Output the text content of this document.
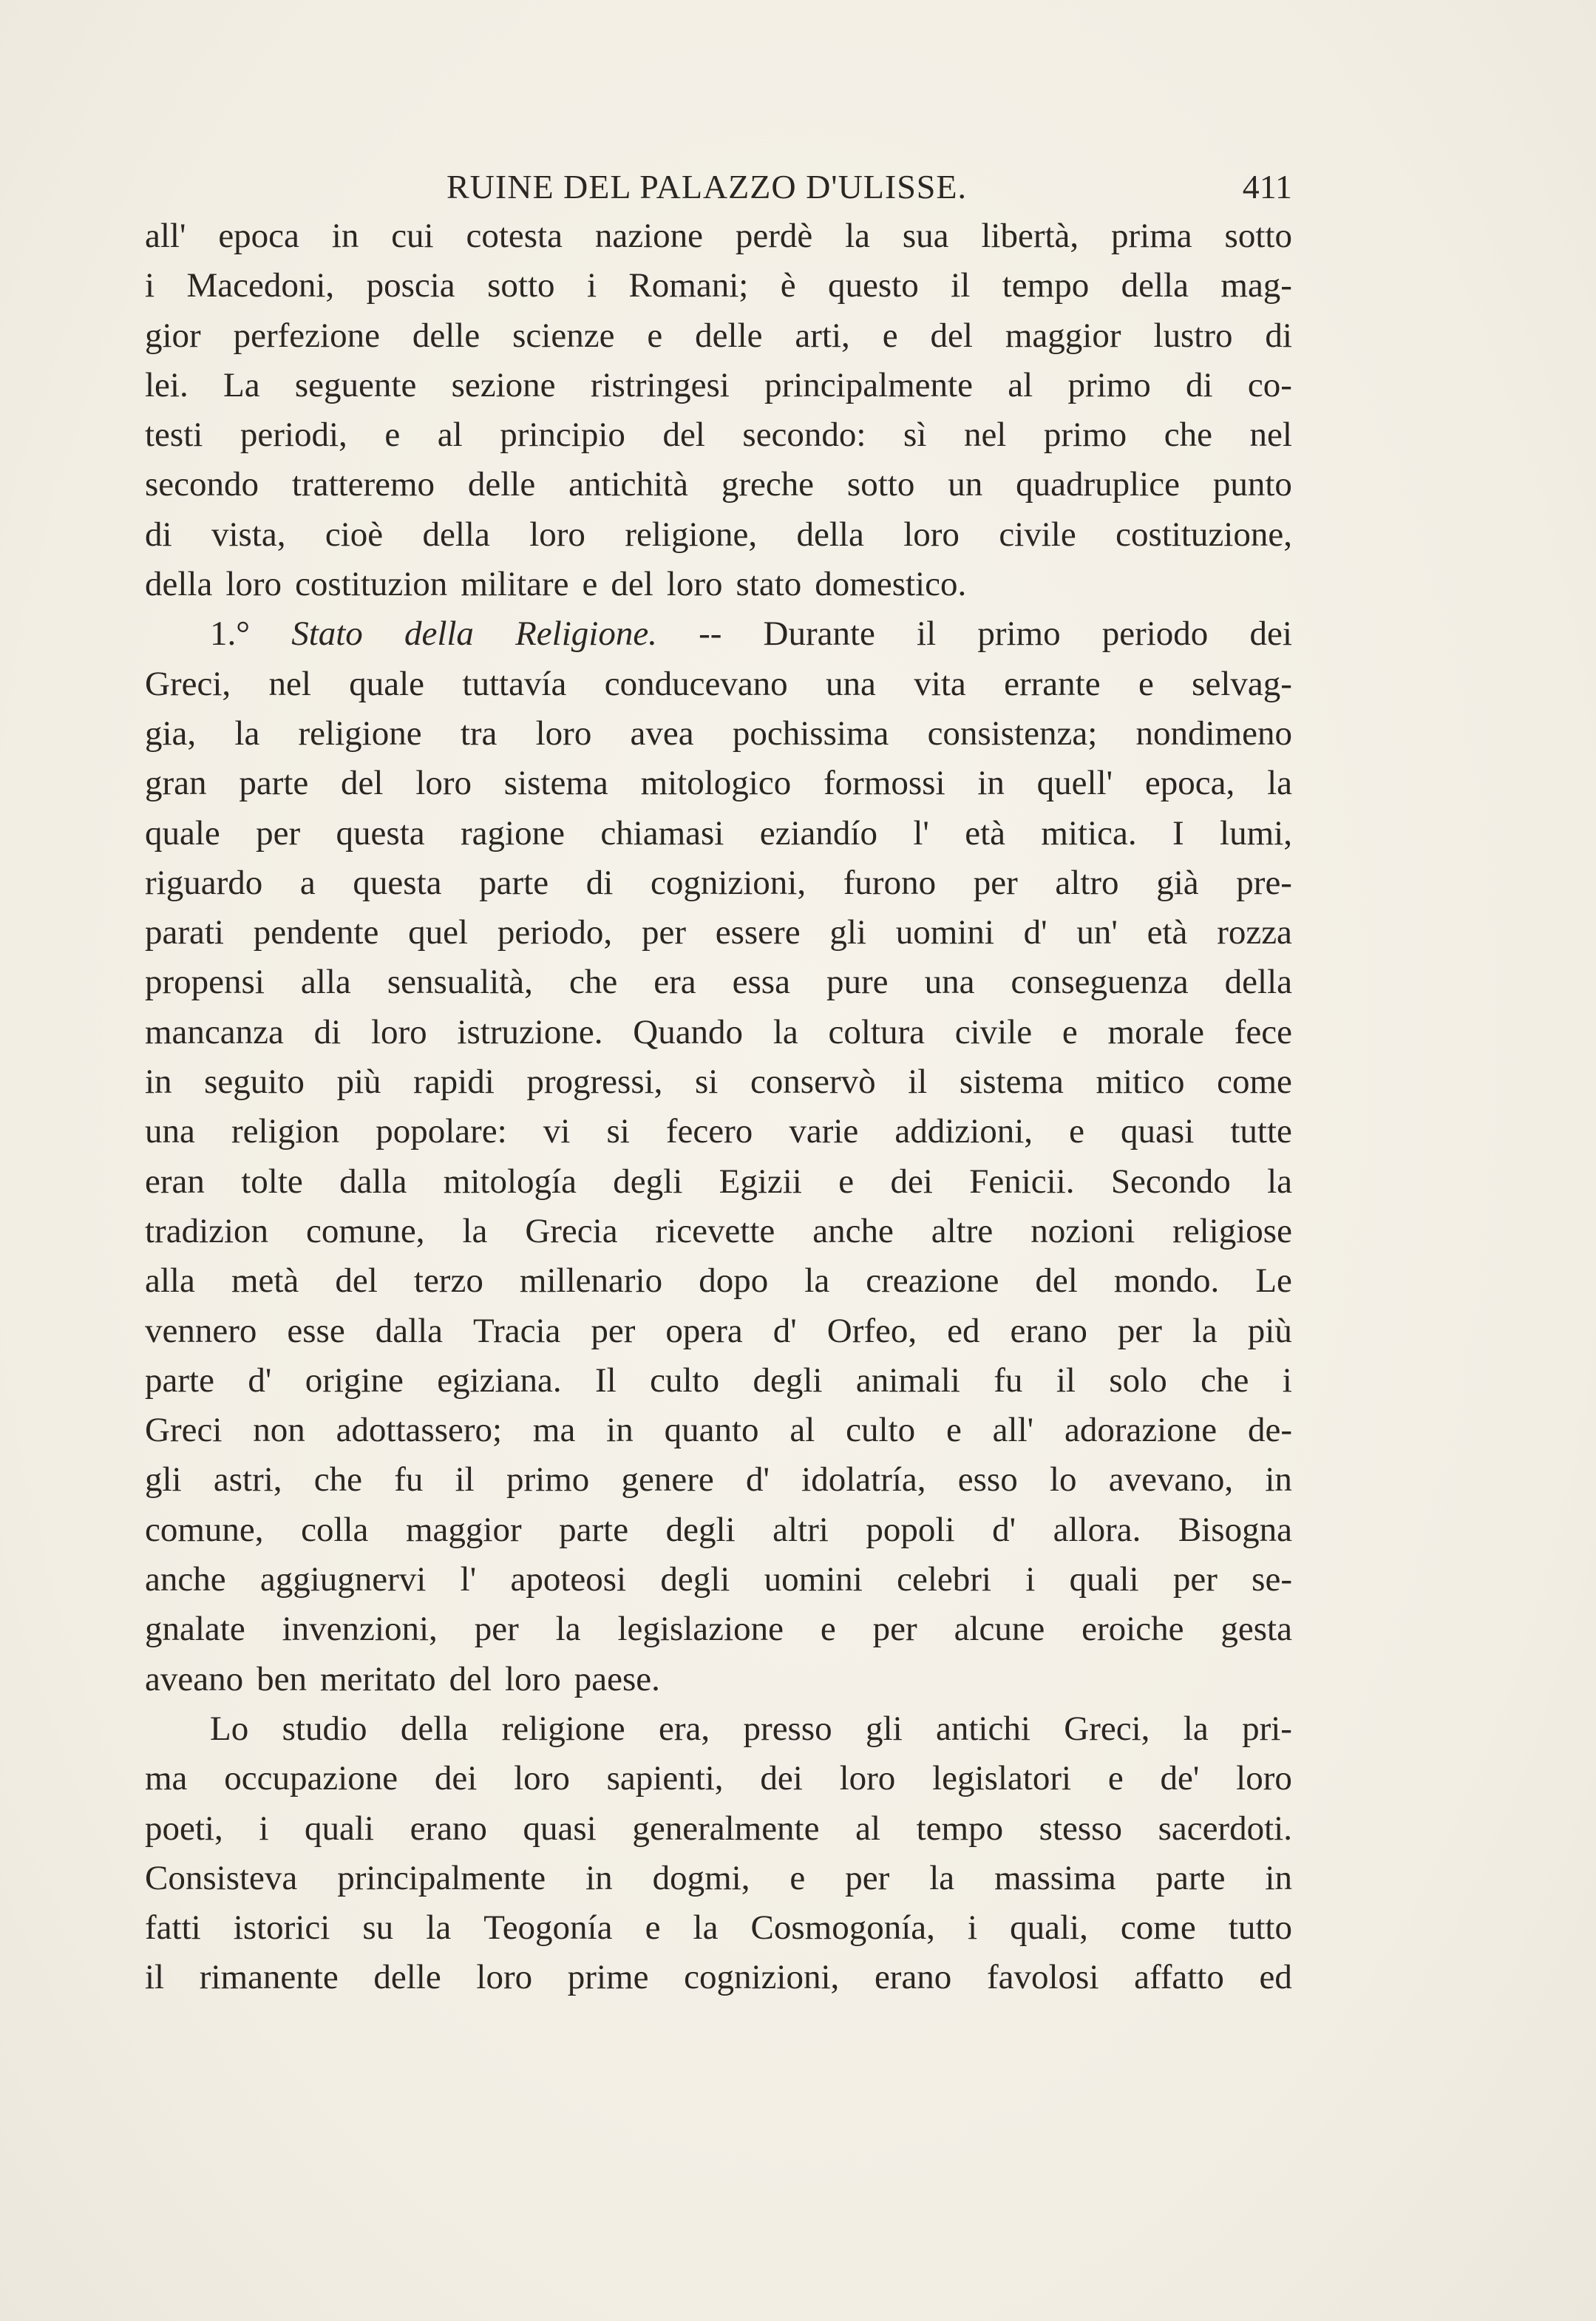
RUINE DEL PALAZZO D'ULISSE.	411
all' epoca in cui cotesta nazione perdè la sua libertà, prima sotto
i Macedoni, poscia sotto i Romani; è questo il tempo della mag-
gior perfezione delle scienze e delle arti, e del maggior lustro di
lei. La seguente sezione ristringesi principalmente al primo di co-
testi periodi, e al principio del secondo: sì nel primo che nel
secondo tratteremo delle antichità greche sotto un quadruplice punto
di vista, cioè della loro religione, della loro civile costituzione,
della loro costituzion militare e del loro stato domestico.
1.° Stato della Religione. -- Durante il primo periodo dei
Greci, nel quale tuttavía conducevano una vita errante e selvag-
gia, la religione tra loro avea pochissima consistenza; nondimeno
gran parte del loro sistema mitologico formossi in quell' epoca, la
quale per questa ragione chiamasi eziandío l' età mitica. I lumi,
riguardo a questa parte di cognizioni, furono per altro già pre-
parati pendente quel periodo, per essere gli uomini d' un' età rozza
propensi alla sensualità, che era essa pure una conseguenza della
mancanza di loro istruzione. Quando la coltura civile e morale fece
in seguito più rapidi progressi, si conservò il sistema mitico come
una religion popolare: vi si fecero varie addizioni, e quasi tutte
eran tolte dalla mitología degli Egizii e dei Fenicii. Secondo la
tradizion comune, la Grecia ricevette anche altre nozioni religiose
alla metà del terzo millenario dopo la creazione del mondo. Le
vennero esse dalla Tracia per opera d' Orfeo, ed erano per la più
parte d' origine egiziana. Il culto degli animali fu il solo che i
Greci non adottassero; ma in quanto al culto e all' adorazione de-
gli astri, che fu il primo genere d' idolatría, esso lo avevano, in
comune, colla maggior parte degli altri popoli d' allora. Bisogna
anche aggiugnervi l' apoteosi degli uomini celebri i quali per se-
gnalate invenzioni, per la legislazione e per alcune eroiche gesta
aveano ben meritato del loro paese.
Lo studio della religione era, presso gli antichi Greci, la pri-
ma occupazione dei loro sapienti, dei loro legislatori e de' loro
poeti, i quali erano quasi generalmente al tempo stesso sacerdoti.
Consisteva principalmente in dogmi, e per la massima parte in
fatti istorici su la Teogonía e la Cosmogonía, i quali, come tutto
il rimanente delle loro prime cognizioni, erano favolosi affatto ed
